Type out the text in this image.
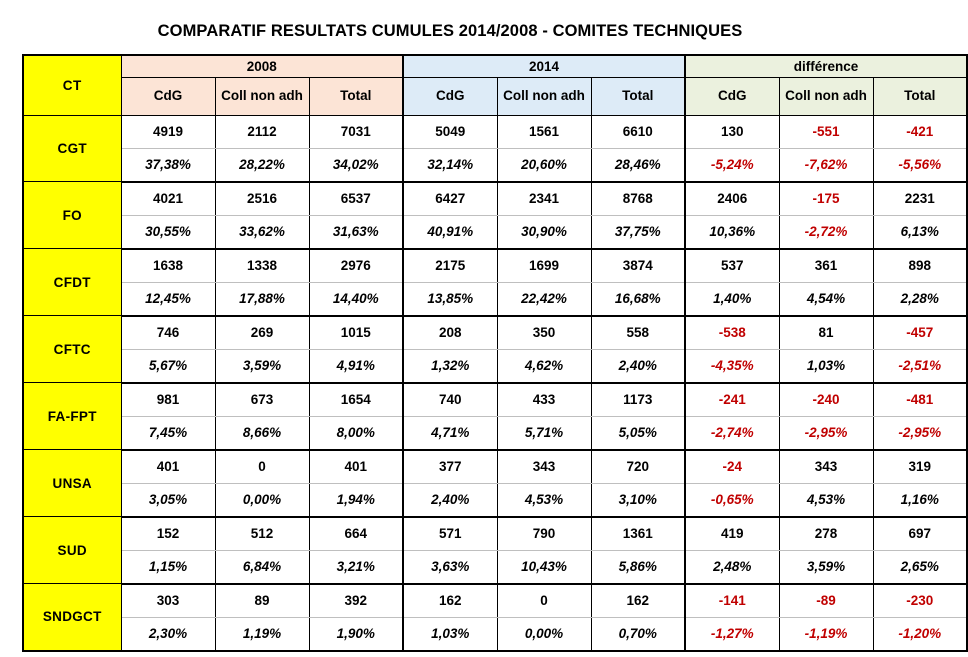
COMPARATIF RESULTATS CUMULES 2014/2008 - COMITES TECHNIQUES
CT	2008			2014			différence		
	CdG	Coll non adh	Total	CdG	Coll non adh	Total	CdG	Coll non adh	Total
CGT	4919	2112	7031	5049	1561	6610	130	-551	-421
	37,38%	28,22%	34,02%	32,14%	20,60%	28,46%	-5,24%	-7,62%	-5,56%
FO	4021	2516	6537	6427	2341	8768	2406	-175	2231
	30,55%	33,62%	31,63%	40,91%	30,90%	37,75%	10,36%	-2,72%	6,13%
CFDT	1638	1338	2976	2175	1699	3874	537	361	898
	12,45%	17,88%	14,40%	13,85%	22,42%	16,68%	1,40%	4,54%	2,28%
CFTC	746	269	1015	208	350	558	-538	81	-457
	5,67%	3,59%	4,91%	1,32%	4,62%	2,40%	-4,35%	1,03%	-2,51%
FA-FPT	981	673	1654	740	433	1173	-241	-240	-481
	7,45%	8,66%	8,00%	4,71%	5,71%	5,05%	-2,74%	-2,95%	-2,95%
UNSA	401	0	401	377	343	720	-24	343	319
	3,05%	0,00%	1,94%	2,40%	4,53%	3,10%	-0,65%	4,53%	1,16%
SUD	152	512	664	571	790	1361	419	278	697
	1,15%	6,84%	3,21%	3,63%	10,43%	5,86%	2,48%	3,59%	2,65%
SNDGCT	303	89	392	162	0	162	-141	-89	-230
	2,30%	1,19%	1,90%	1,03%	0,00%	0,70%	-1,27%	-1,19%	-1,20%
